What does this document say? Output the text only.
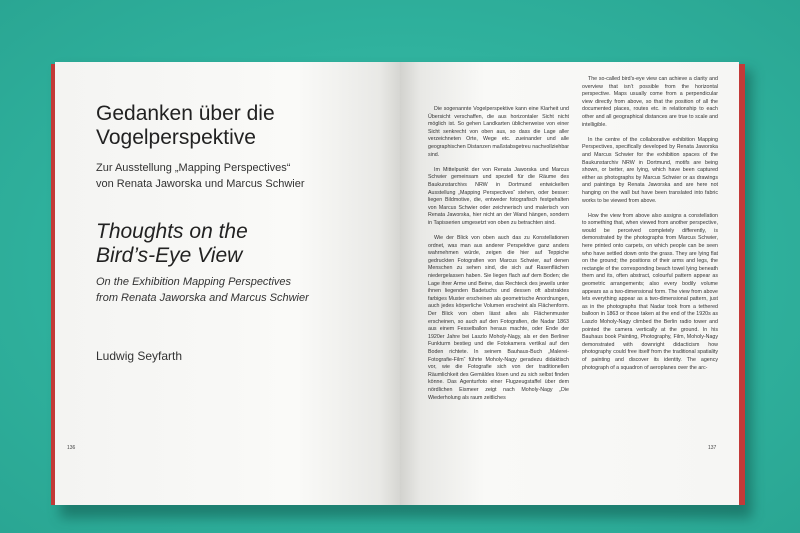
Gedanken über die
Vogelperspektive
Zur Ausstellung „Mapping Perspectives“
von Renata Jaworska und Marcus Schwier
Thoughts on the
Bird’s-Eye View
On the Exhibition Mapping Perspectives
from Renata Jaworska and Marcus Schwier
Ludwig Seyfarth
136

Die sogenannte Vogelperspektive kann eine Klarheit und Übersicht verschaffen, die aus horizontaler Sicht nicht möglich ist. So gehen Landkarten üblicherweise von einer Sicht senkrecht von oben aus, so dass die Lage aller verzeichneten Orte, Wege etc. zueinander und alle geographischen Distanzen maßstabsgetreu nachvollziehbar sind.

Im Mittelpunkt der von Renata Jaworska und Marcus Schwier gemeinsam und speziell für die Räume des Baukunstarchivs NRW in Dortmund entwickelten Ausstellung „Mapping Perspectives“ stehen, oder besser: liegen Bildmotive, die, entweder fotografisch festgehalten von Marcus Schwier oder zeichnerisch und malerisch von Renata Jaworska, hier nicht an der Wand hängen, sondern in Tapisserien umgesetzt von oben zu betrachten sind.

Wie der Blick von oben auch das zu Konstellationen ordnet, was man aus anderer Perspektive ganz anders wahrnehmen würde, zeigen die hier auf Teppiche gedruckten Fotografien von Marcus Schwier, auf denen Menschen zu sehen sind, die sich auf Rasenflächen niedergelassen haben. Sie liegen flach auf dem Boden; die Lage ihrer Arme und Beine, das Rechteck des jeweils unter ihnen liegenden Badetuchs und dessen oft abstraktes farbiges Muster erscheinen als geometrische Anordnungen, auch jedes körperliche Volumen erscheint als Flächenform. Der Blick von oben lässt alles als Flächenmuster erscheinen, so auch auf den Fotografien, die Nadar 1863 aus einem Fesselballon heraus machte, oder Ende der 1920er Jahre bei Laszlo Moholy-Nagy, als er den Berliner Funkturm bestieg und die Fotokamera vertikal auf den Boden richtete. In seinem Bauhaus-Buch „Malerei-Fotografie-Film“ führte Moholy-Nagy geradezu didaktisch vor, wie die Fotografie sich von der traditionellen Räumlichkeit des Gemäldes lösen und zu sich selbst finden könne. Das Agenturfoto einer Flugzeugstaffel über dem nördlichen Eismeer zeigt nach Moholy-Nagy „Die Wiederholung als raum zeitliches

The so-called bird’s-eye view can achieve a clarity and overview that isn’t possible from the horizontal perspective. Maps usually come from a perpendicular view directly from above, so that the position of all the documented places, routes etc. in relationship to each other and all geographical distances are true to scale and intelligible.

In the centre of the collaborative exhibition Mapping Perspectives, specifically developed by Renata Jaworska and Marcus Schwier for the exhibition spaces of the Baukunstarchiv NRW in Dortmund, motifs are being shown, or better, are lying, which have been captured either as photographs by Marcus Schwier or as drawings and paintings by Renata Jaworska and are here not hanging on the wall but have been translated into fabric works to be viewed from above.

How the view from above also assigns a constellation to something that, when viewed from another perspective, would be perceived completely differently, is demonstrated by the photographs from Marcus Schwier, here printed onto carpets, on which people can be seen who have settled down onto the grass. They are lying flat on the ground; the positions of their arms and legs, the rectangle of the corresponding beach towel lying beneath them and its, often abstract, colourful pattern appear as geometric arrangements; also every bodily volume appears as a two-dimensional form. The view from above lets everything appear as a two-dimensional pattern, just as in the photographs that Nadar took from a tethered balloon in 1863 or those taken at the end of the 1920s as Laszlo Moholy-Nagy climbed the Berlin radio tower and pointed the camera vertically at the ground. In his Bauhaus book Painting, Photography, Film, Moholy-Nagy demonstrated with downright didacticism how photography could free itself from the traditional spatiality of painting and discover its identity. The agency photograph of a squadron of aeroplanes over the arc-

137
